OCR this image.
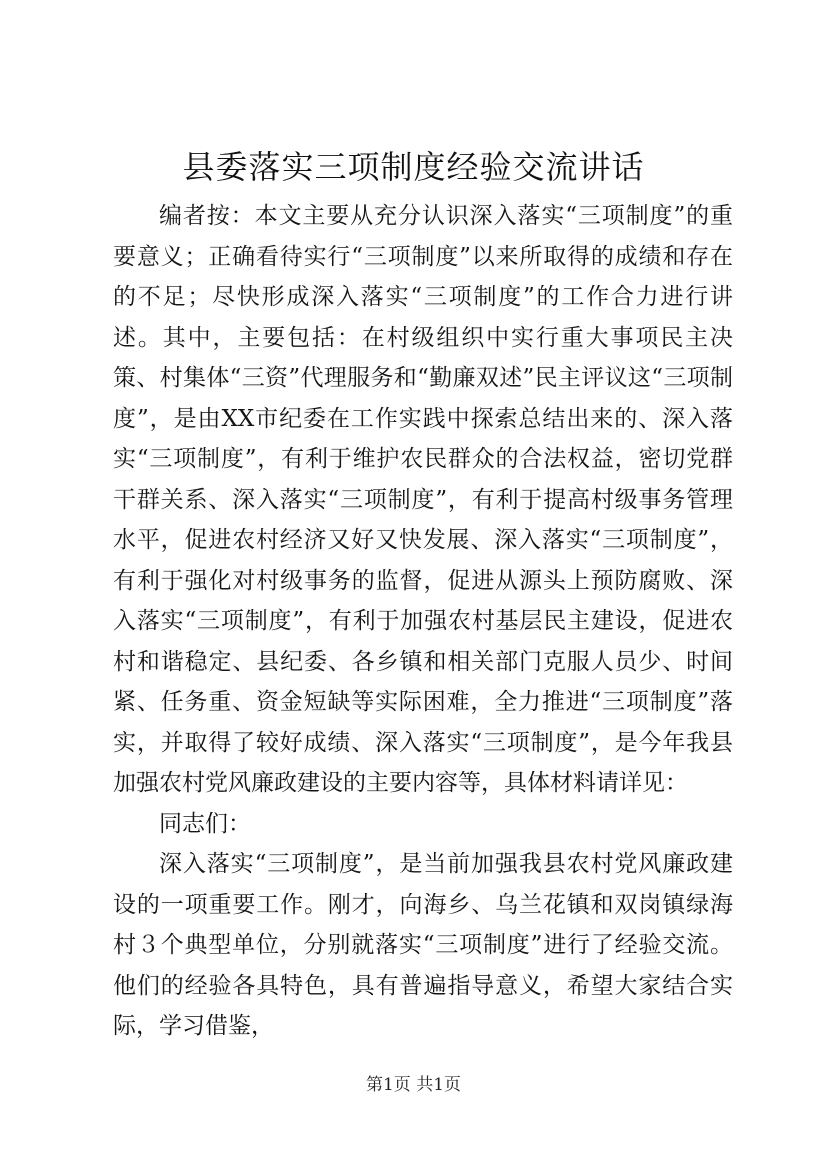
县委落实三项制度经验交流讲话

编者按：本文主要从充分认识深入落实“三项制度”的重要意义；正确看待实行“三项制度”以来所取得的成绩和存在的不足；尽快形成深入落实“三项制度”的工作合力进行讲述。其中，主要包括：在村级组织中实行重大事项民主决策、村集体“三资”代理服务和“勤廉双述”民主评议这“三项制度”，是由XX市纪委在工作实践中探索总结出来的、深入落实“三项制度”，有利于维护农民群众的合法权益，密切党群干群关系、深入落实“三项制度”，有利于提高村级事务管理水平，促进农村经济又好又快发展、深入落实“三项制度”，有利于强化对村级事务的监督，促进从源头上预防腐败、深入落实“三项制度”，有利于加强农村基层民主建设，促进农村和谐稳定、县纪委、各乡镇和相关部门克服人员少、时间紧、任务重、资金短缺等实际困难，全力推进“三项制度”落实，并取得了较好成绩、深入落实“三项制度”，是今年我县加强农村党风廉政建设的主要内容等，具体材料请详见：

同志们：

深入落实“三项制度”，是当前加强我县农村党风廉政建设的一项重要工作。刚才，向海乡、乌兰花镇和双岗镇绿海村３个典型单位，分别就落实“三项制度”进行了经验交流。他们的经验各具特色，具有普遍指导意义，希望大家结合实际，学习借鉴，

第1页 共1页
